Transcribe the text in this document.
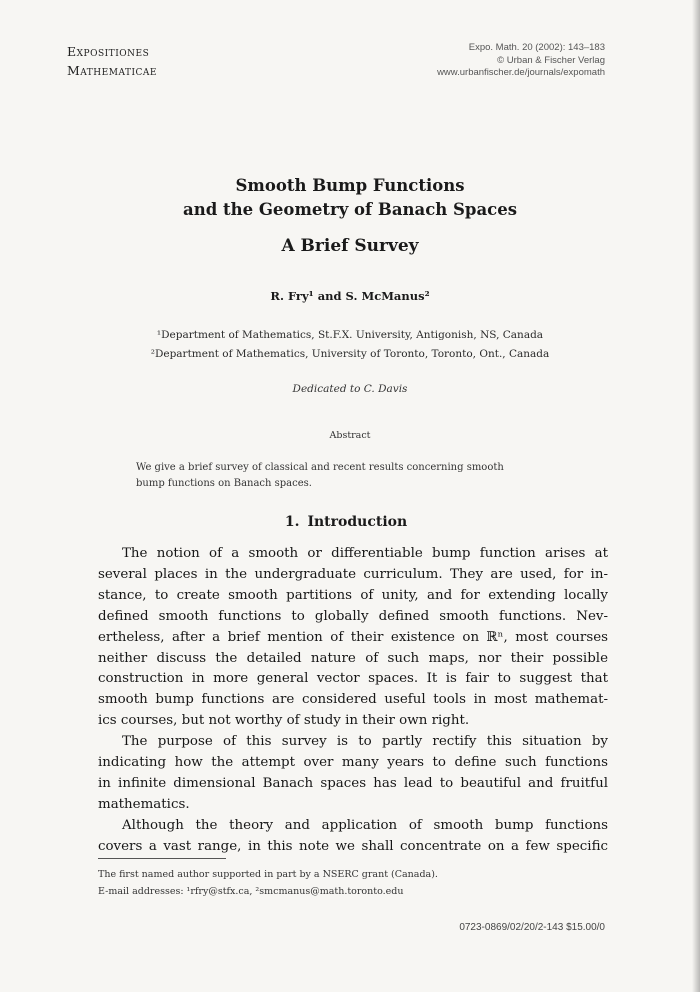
Expositiones
Mathematicae
Expo. Math. 20 (2002): 143–183
© Urban & Fischer Verlag
www.urbanfischer.de/journals/expomath
Smooth Bump Functions
and the Geometry of Banach Spaces
A Brief Survey
R. Fry¹ and S. McManus²
¹Department of Mathematics, St.F.X. University, Antigonish, NS, Canada
²Department of Mathematics, University of Toronto, Toronto, Ont., Canada
Dedicated to C. Davis
Abstract
We give a brief survey of classical and recent results concerning smooth
bump functions on Banach spaces.
1. Introduction
The notion of a smooth or differentiable bump function arises at
several places in the undergraduate curriculum. They are used, for in-
stance, to create smooth partitions of unity, and for extending locally
defined smooth functions to globally defined smooth functions. Nev-
ertheless, after a brief mention of their existence on ℝⁿ, most courses
neither discuss the detailed nature of such maps, nor their possible
construction in more general vector spaces. It is fair to suggest that
smooth bump functions are considered useful tools in most mathemat-
ics courses, but not worthy of study in their own right.
The purpose of this survey is to partly rectify this situation by
indicating how the attempt over many years to define such functions
in infinite dimensional Banach spaces has lead to beautiful and fruitful
mathematics.
Although the theory and application of smooth bump functions
covers a vast range, in this note we shall concentrate on a few specific
The first named author supported in part by a NSERC grant (Canada).
E-mail addresses: ¹rfry@stfx.ca, ²smcmanus@math.toronto.edu
0723-0869/02/20/2-143 $15.00/0
